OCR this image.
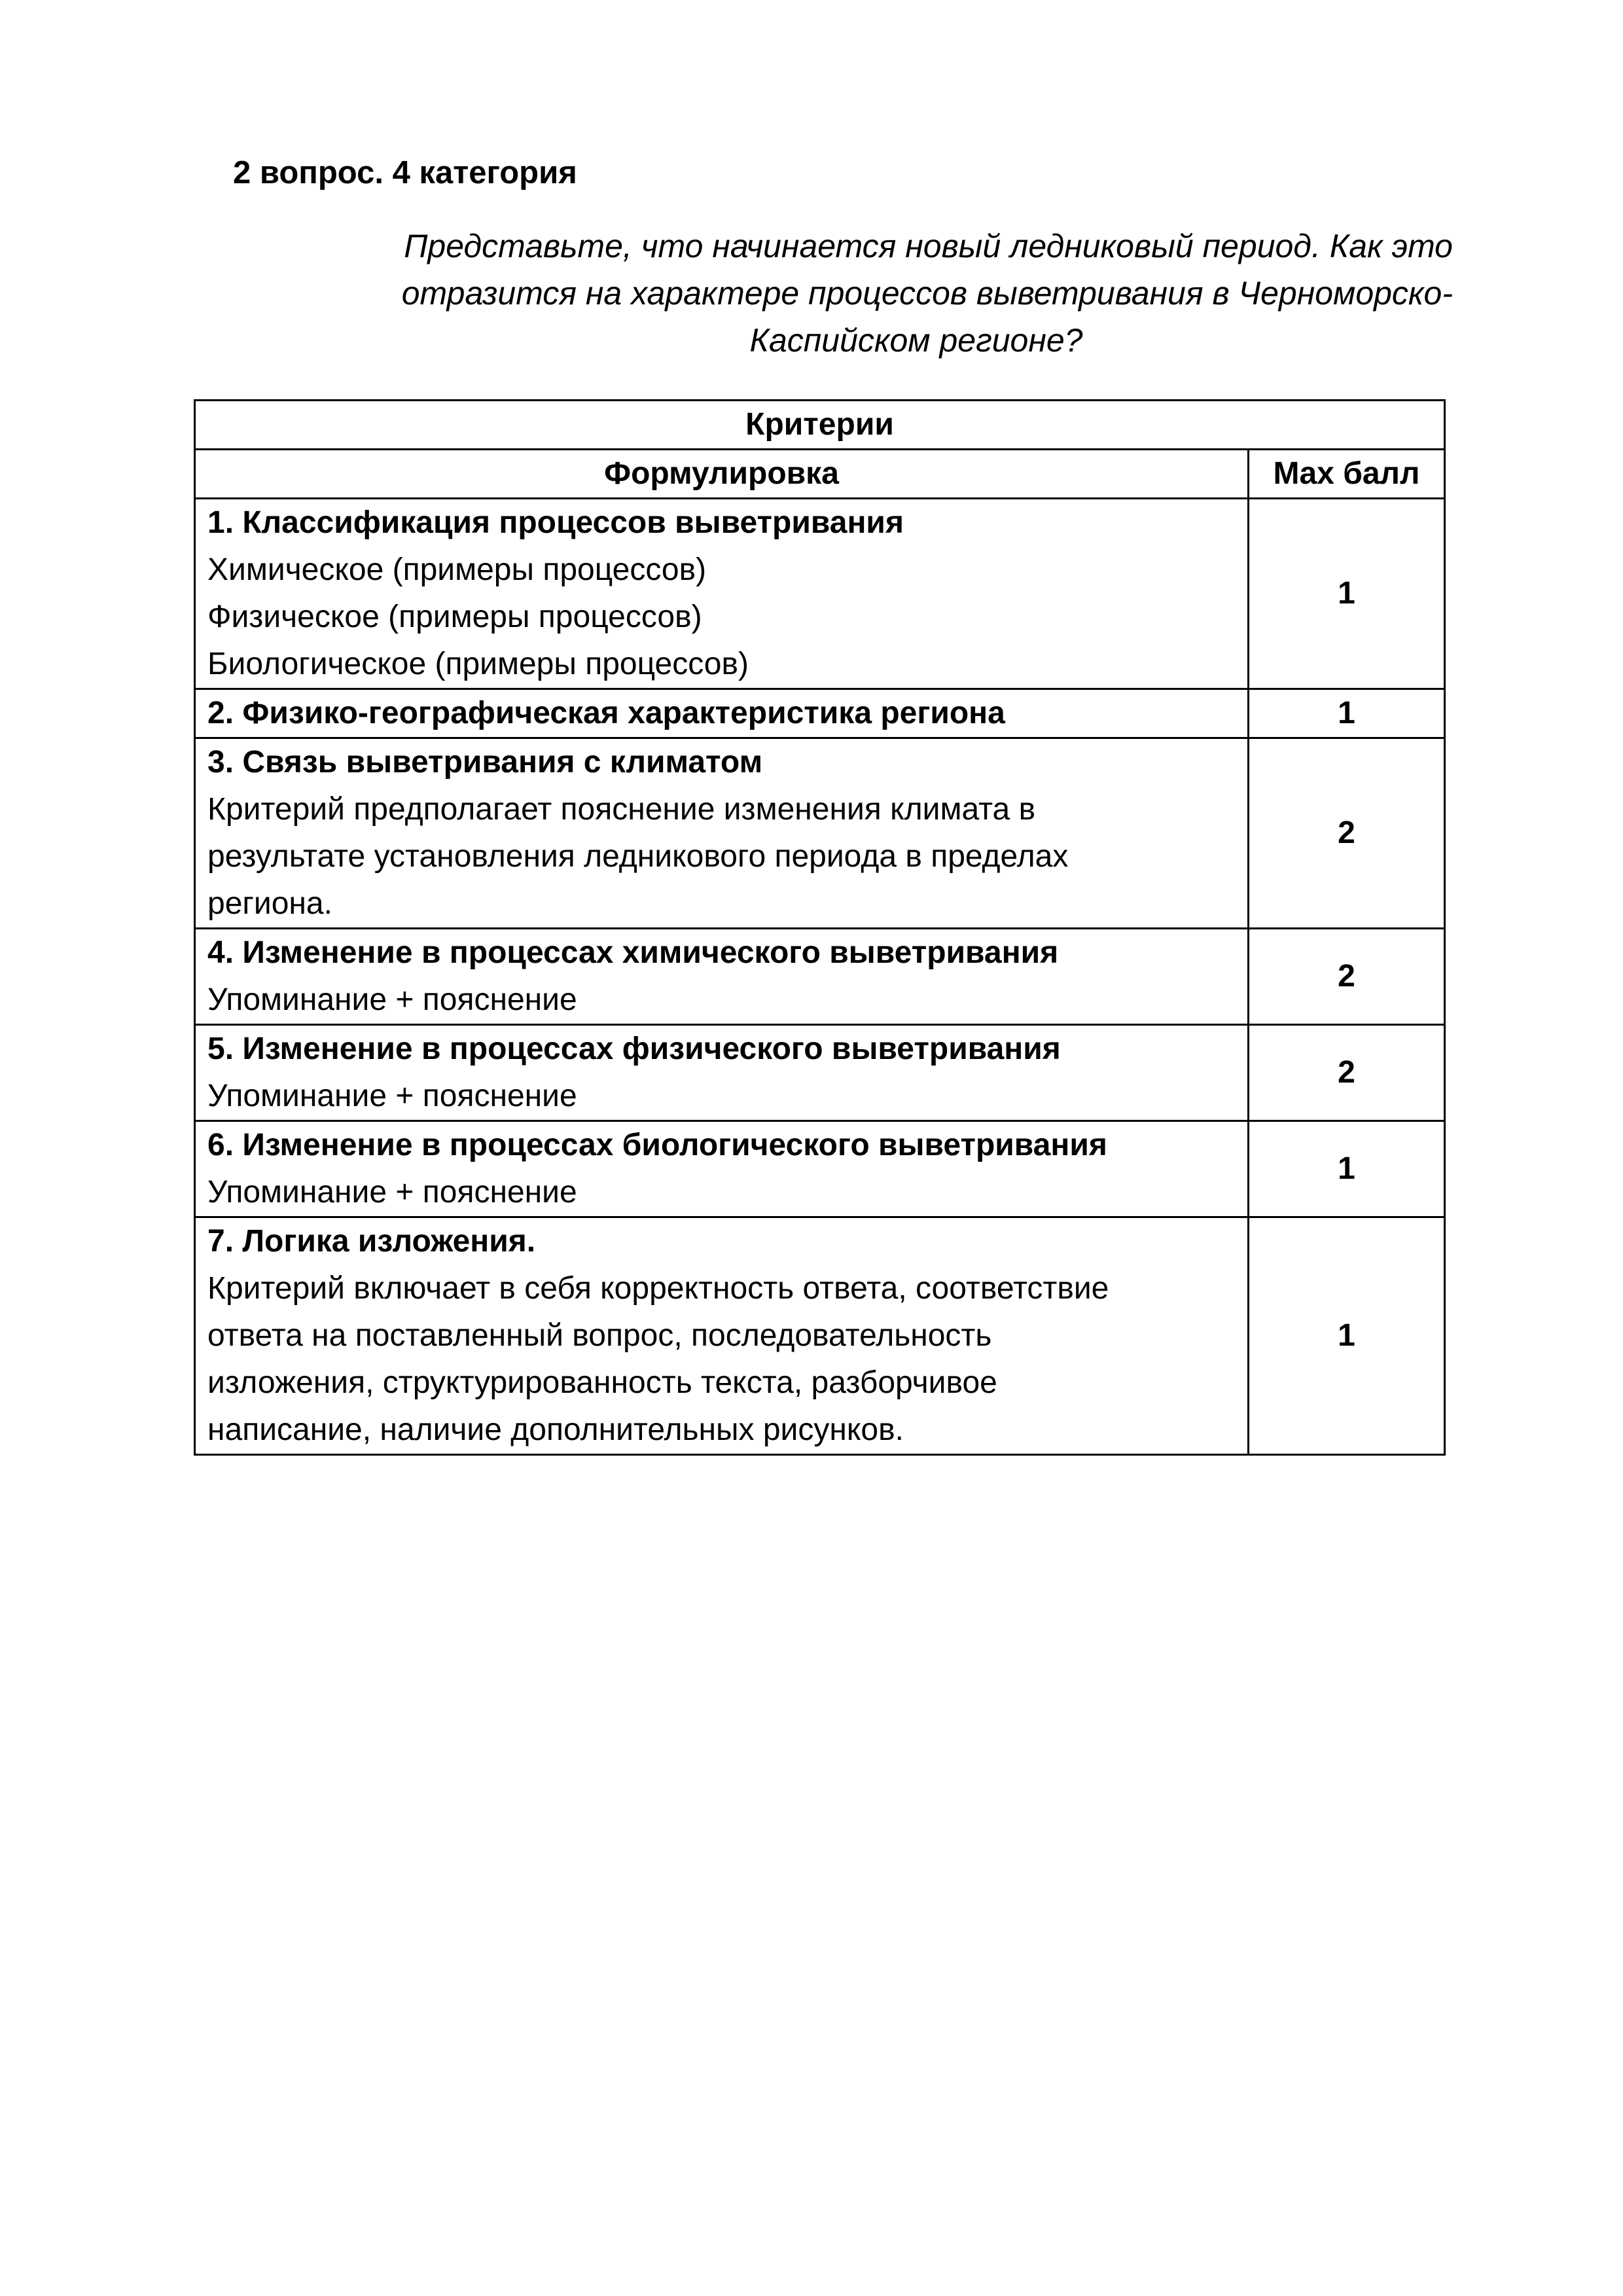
2 вопрос. 4 категория
Представьте, что начинается новый ледниковый период. Как это
отразится на характере процессов выветривания в Черноморско-
Каспийском регионе?
Критерии	
Формулировка	Max балл

1. Классификация процессов выветривания
Химическое (примеры процессов)
Физическое (примеры процессов)
Биологическое (примеры процессов)	1

2. Физико-географическая характеристика региона	1

3. Связь выветривания с климатом
Критерий предполагает пояснение изменения климата в
результате установления ледникового периода в пределах
региона.	2

4. Изменение в процессах химического выветривания
Упоминание + пояснение	2

5. Изменение в процессах физического выветривания
Упоминание + пояснение	2

6. Изменение в процессах биологического выветривания
Упоминание + пояснение	1

7. Логика изложения.
Критерий включает в себя корректность ответа, соответствие
ответа на поставленный вопрос, последовательность
изложения, структурированность текста, разборчивое
написание, наличие дополнительных рисунков.	1
